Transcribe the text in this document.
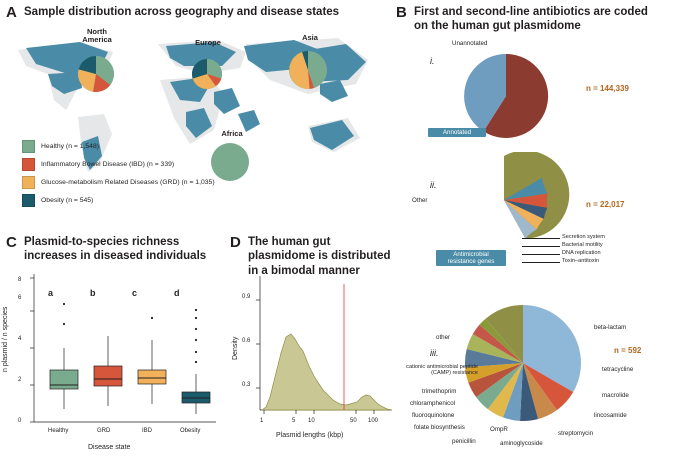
A Sample distribution across geography and disease states
North
America	Europe
Asia
Africa
Healthy (n = 1,548)
Inflammatory Bowel Disease (IBD) (n = 339)
Glucose-metabolism Related Diseases (GRD) (n = 1,035)
Obesity (n = 545)
B First and second-line antibiotics are coded on the human gut plasmidome
i.
Unannotated
Annotated
n = 144,339
ii.
Other	n = 22,017
Secretion system
Bacterial motility
DNA replication
Toxin–antitoxin
Antimicrobial resistance genes
iii.
other
n = 592
beta-lactam
tetracycline
macrolide
lincosamide
streptomycin
aminoglycoside
OmpR
penicillin
folate biosynthesis
fluoroquinolone
chloramphenicol
trimethoprim
cationic antimicrobial peptide (CAMP) resistance
C Plasmid-to-species richness increases in diseased individuals
n plasmid / n species
0
2
4
6
8
a	b	c	d
Healthy	GRD	IBD	Obesity
Disease state
D The human gut plasmidome is distributed in a bimodal manner
Density
0.3
0.6
0.9
1	5 10	50 100
Plasmid lengths (kbp)
